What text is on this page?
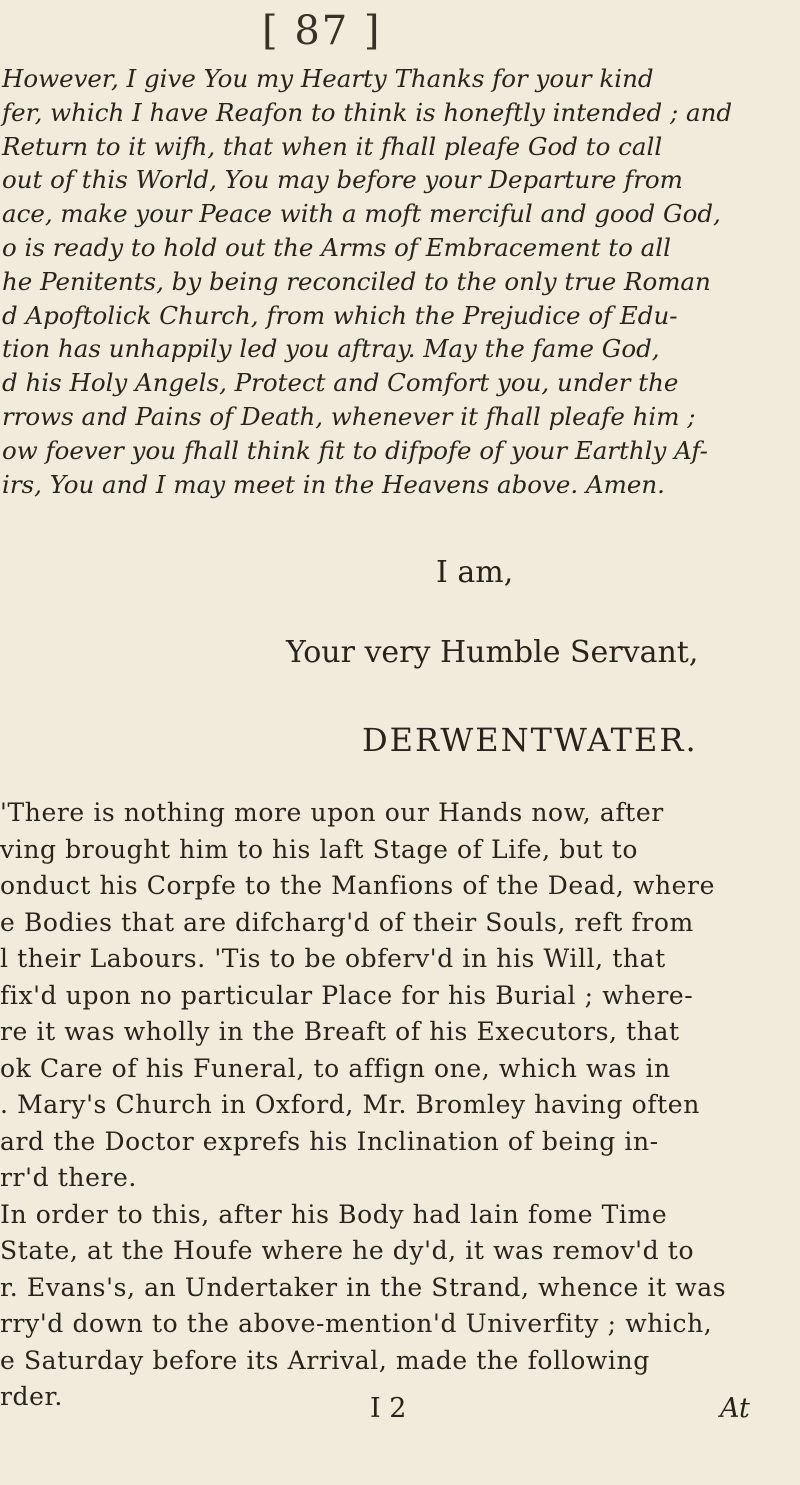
[ 87 ]
However, I give You my Hearty Thanks for your kind
fer, which I have Reafon to think is honeftly intended ; and
Return to it wifh, that when it fhall pleafe God to call
out of this World, You may before your Departure from
ace, make your Peace with a moft merciful and good God,
o is ready to hold out the Arms of Embracement to all
he Penitents, by being reconciled to the only true Roman
d Apoftolick Church, from which the Prejudice of Edu-
tion has unhappily led you aftray. May the fame God,
d his Holy Angels, Protect and Comfort you, under the
rrows and Pains of Death, whenever it fhall pleafe him ;
ow foever you fhall think fit to difpofe of your Earthly Af-
irs, You and I may meet in the Heavens above. Amen.
I am,
Your very Humble Servant,
DERWENTWATER.
'There is nothing more upon our Hands now, after
ving brought him to his laft Stage of Life, but to
onduct his Corpfe to the Manfions of the Dead, where
e Bodies that are difcharg'd of their Souls, reft from
l their Labours. 'Tis to be obferv'd in his Will, that
fix'd upon no particular Place for his Burial ; where-
re it was wholly in the Breaft of his Executors, that
ok Care of his Funeral, to affign one, which was in
. Mary's Church in Oxford, Mr. Bromley having often
ard the Doctor exprefs his Inclination of being in-
rr'd there.
In order to this, after his Body had lain fome Time
State, at the Houfe where he dy'd, it was remov'd to
r. Evans's, an Undertaker in the Strand, whence it was
rry'd down to the above-mention'd Univerfity ; which,
e Saturday before its Arrival, made the following
rder.	I 2	At
